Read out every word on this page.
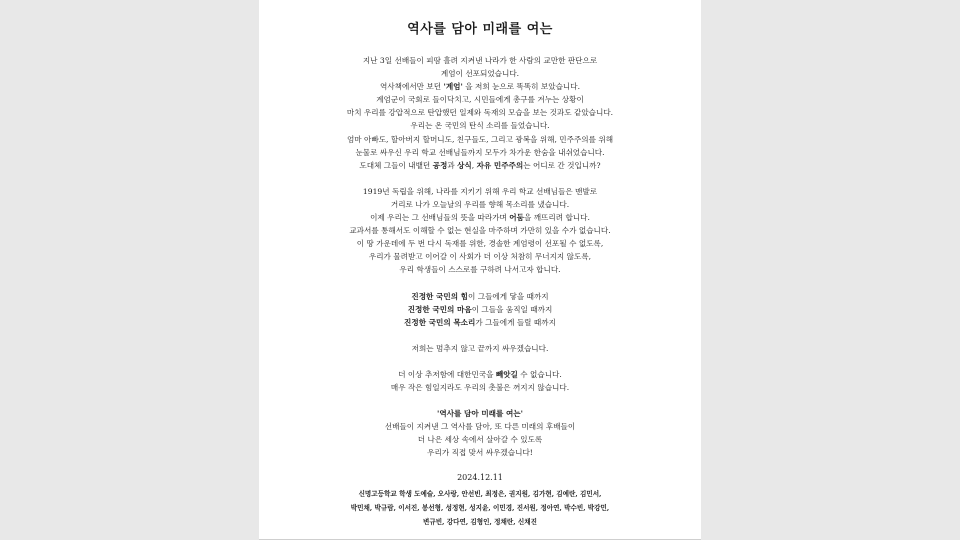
역사를 담아 미래를 여는
지난 3일 선배들이 피땀 흘려 지켜낸 나라가 한 사람의 교만한 판단으로
계엄이 선포되었습니다.
역사책에서만 보던 '계엄' 을 저희 눈으로 똑똑히 보았습니다.
계엄군이 국회로 들이닥치고, 시민들에게 총구를 겨누는 상황이
마치 우리를 강압적으로 탄압했던 일제와 독재의 모습을 보는 것과도 같았습니다.
우리는 온 국민의 탄식 소리를 들었습니다.
엄마 아빠도, 할아버지 할머니도, 친구들도, 그리고 광복을 위해, 민주주의를 위해
눈물로 싸우신 우리 학교 선배님들까지 모두가 차가운 한숨을 내쉬었습니다.
도대체 그들이 내뱉던 공정과 상식, 자유 민주주의는 어디로 간 것입니까?
1919년 독립을 위해, 나라를 지키기 위해 우리 학교 선배님들은 맨발로
거리로 나가 오늘날의 우리를 향해 목소리를 냈습니다.
이제 우리는 그 선배님들의 뜻을 따라가며 어둠을 깨뜨리려 합니다.
교과서를 통해서도 이해할 수 없는 현실을 마주하며 가만히 있을 수가 없습니다.
이 땅 가운데에 두 번 다시 독재를 위한, 경솔한 계엄령이 선포될 수 없도록,
우리가 물려받고 이어갈 이 사회가 더 이상 처참히 무너지지 않도록,
우리 학생들이 스스로를 구하려 나서고자 합니다.
진정한 국민의 힘이 그들에게 닿을 때까지
진정한 국민의 마음이 그들을 움직일 때까지
진정한 국민의 목소리가 그들에게 들릴 때까지
저희는 멈추지 않고 끝까지 싸우겠습니다.
더 이상 추저함에 대한민국을 빼앗길 수 없습니다.
매우 작은 힘일지라도 우리의 촛불은 꺼지지 않습니다.
'역사를 담아 미래를 여는'
선배들이 지켜낸 그 역사를 담아, 또 다른 미래의 후배들이
더 나은 세상 속에서 살아갈 수 있도록
우리가 직접 맞서 싸우겠습니다!
2024.12.11
신명고등학교 학생 도예슬, 오사랑, 안선빈, 최정은, 권지원, 김가현, 김예란, 김민서,
박민채, 박규람, 이서진, 봉선형, 성정현, 성지윤, 이민경, 진서원, 정아연, 박수빈, 박강민,
변규빈, 강다연, 김형인, 정채란, 신채진
